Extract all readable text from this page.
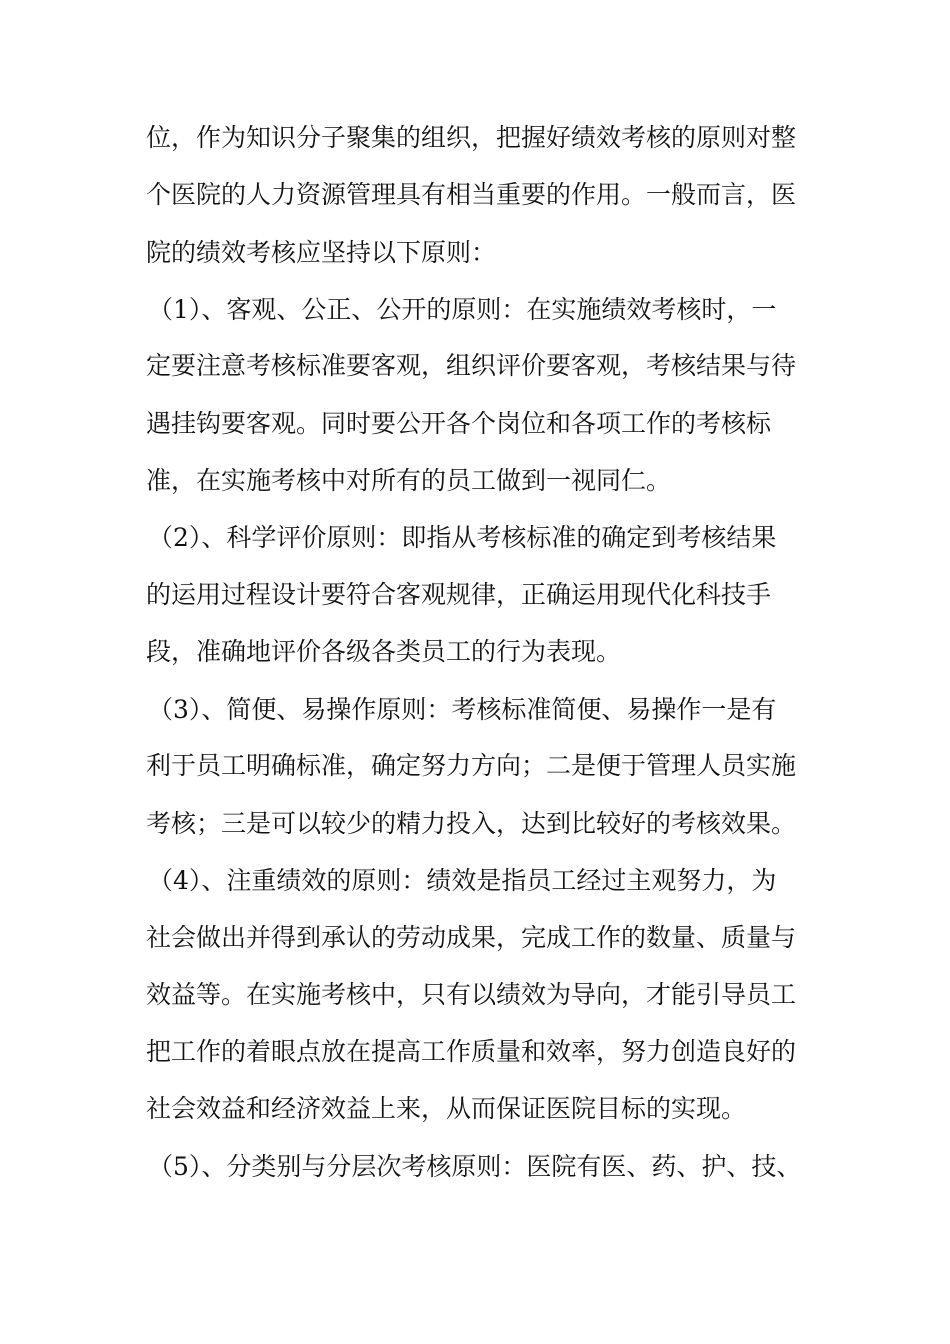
位，作为知识分子聚集的组织，把握好绩效考核的原则对整
个医院的人力资源管理具有相当重要的作用。一般而言，医
院的绩效考核应坚持以下原则：
（1）、客观、公正、公开的原则：在实施绩效考核时，一
定要注意考核标准要客观，组织评价要客观，考核结果与待
遇挂钩要客观。同时要公开各个岗位和各项工作的考核标
准，在实施考核中对所有的员工做到一视同仁。
（2）、科学评价原则：即指从考核标准的确定到考核结果
的运用过程设计要符合客观规律，正确运用现代化科技手
段，准确地评价各级各类员工的行为表现。
（3）、简便、易操作原则：考核标准简便、易操作一是有
利于员工明确标准，确定努力方向；二是便于管理人员实施
考核；三是可以较少的精力投入，达到比较好的考核效果。
（4）、注重绩效的原则：绩效是指员工经过主观努力，为
社会做出并得到承认的劳动成果，完成工作的数量、质量与
效益等。在实施考核中，只有以绩效为导向，才能引导员工
把工作的着眼点放在提高工作质量和效率，努力创造良好的
社会效益和经济效益上来，从而保证医院目标的实现。
（5）、分类别与分层次考核原则：医院有医、药、护、技、
